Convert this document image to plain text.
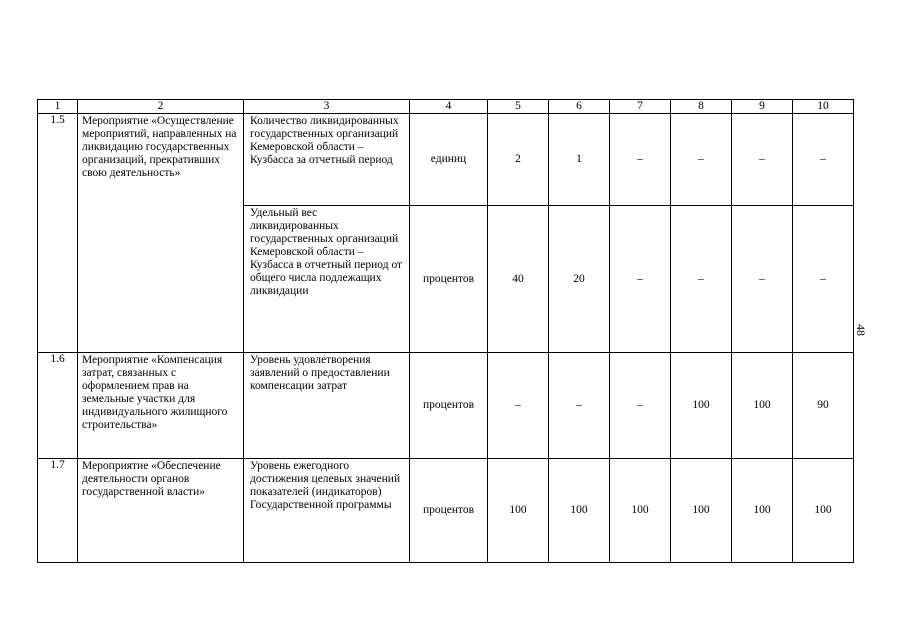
1	2	3	4	5	6	7	8	9	10
1.5	Мероприятие «Осуществление мероприятий, направленных на ликвидацию государственных организаций, прекративших свою деятельность»	Количество ликвидированных государственных организаций Кемеровской области – Кузбасса за отчетный период	единиц	2	1	–	–	–	–
		Удельный вес ликвидированных государственных организаций Кемеровской области – Кузбасса в отчетный период от общего числа подлежащих ликвидации	процентов	40	20	–	–	–	–
1.6	Мероприятие «Компенсация затрат, связанных с оформлением прав на земельные участки для индивидуального жилищного строительства»	Уровень удовлетворения заявлений о предоставлении компенсации затрат	процентов	–	–	–	100	100	90
1.7	Мероприятие «Обеспечение деятельности органов государственной власти»	Уровень ежегодного достижения целевых значений показателей (индикаторов) Государственной программы	процентов	100	100	100	100	100	100
48
